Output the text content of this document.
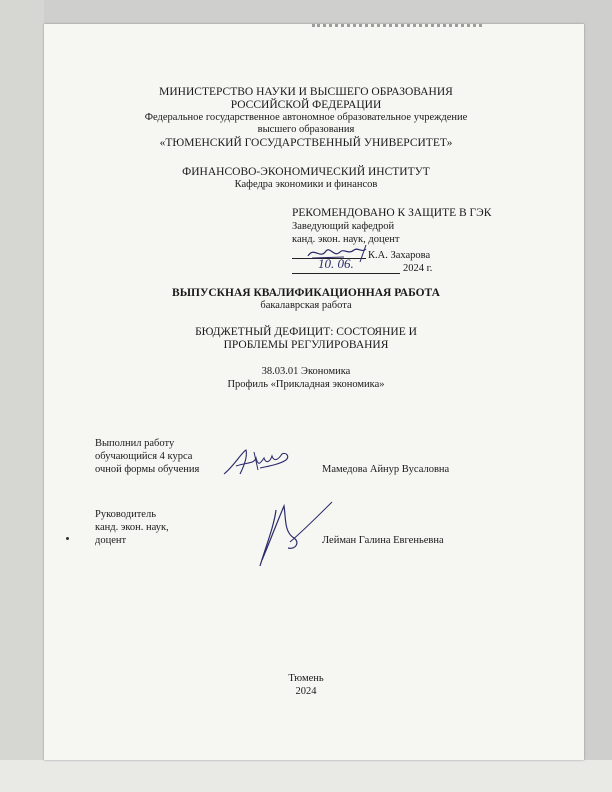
МИНИСТЕРСТВО НАУКИ И ВЫСШЕГО ОБРАЗОВАНИЯ
РОССИЙСКОЙ ФЕДЕРАЦИИ
Федеральное государственное автономное образовательное учреждение
высшего образования
«ТЮМЕНСКИЙ ГОСУДАРСТВЕННЫЙ УНИВЕРСИТЕТ»
ФИНАНСОВО-ЭКОНОМИЧЕСКИЙ ИНСТИТУТ
Кафедра экономики и финансов
РЕКОМЕНДОВАНО К ЗАЩИТЕ В ГЭК
Заведующий кафедрой
канд. экон. наук, доцент
К.А. Захарова
10. 06.	2024 г.
ВЫПУСКНАЯ КВАЛИФИКАЦИОННАЯ РАБОТА
бакалаврская работа
БЮДЖЕТНЫЙ ДЕФИЦИТ: СОСТОЯНИЕ И
ПРОБЛЕМЫ РЕГУЛИРОВАНИЯ
38.03.01 Экономика
Профиль «Прикладная экономика»
Выполнил работу
обучающийся 4 курса
очной формы обучения	Мамедова Айнур Вусаловна
Руководитель
канд. экон. наук,
доцент	Лейман Галина Евгеньевна
Тюмень
2024
